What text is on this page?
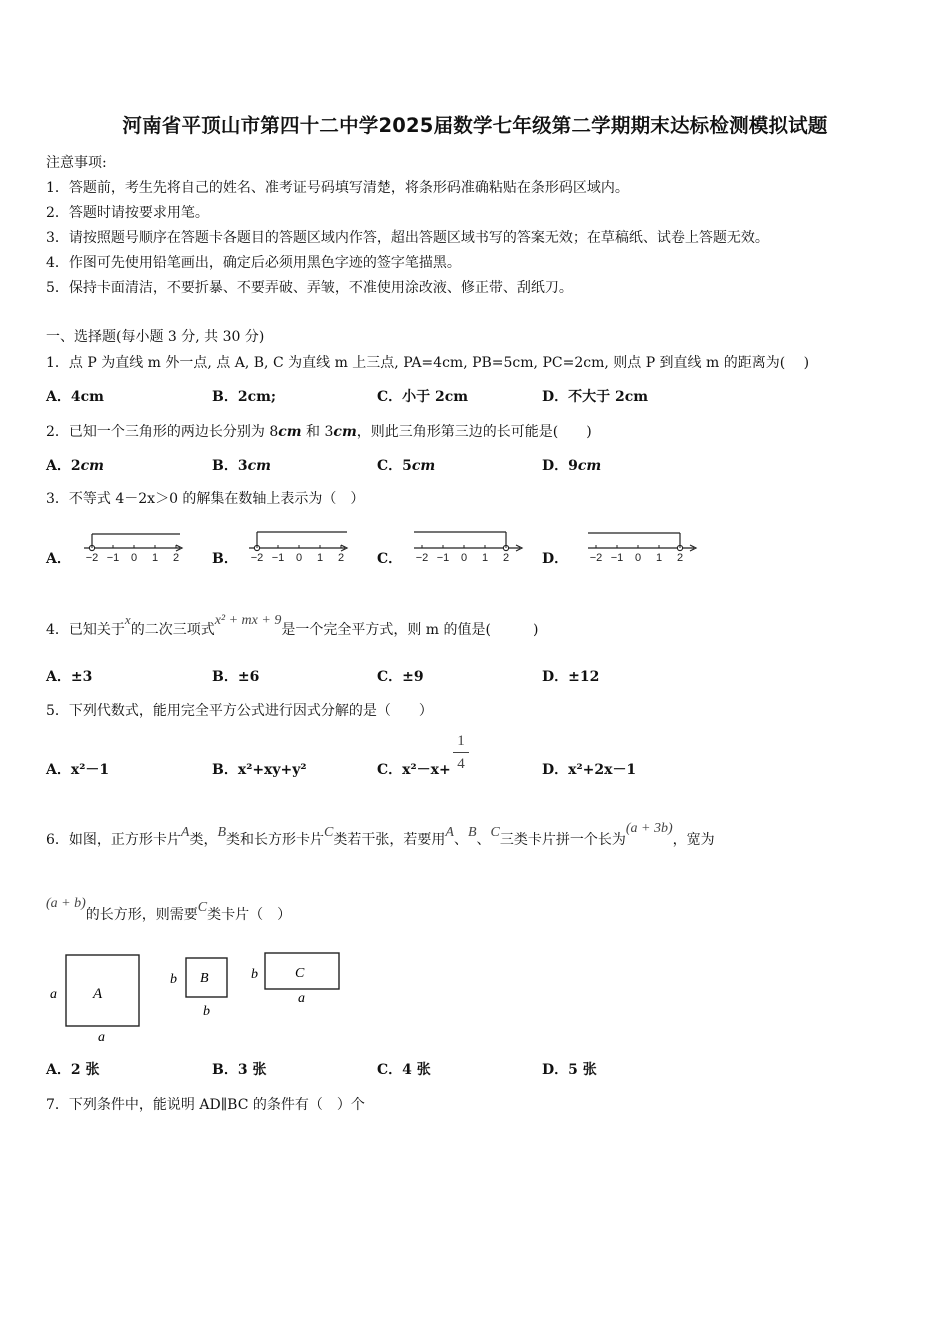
河南省平顶山市第四十二中学2025届数学七年级第二学期期末达标检测模拟试题
注意事项:
1．答题前，考生先将自己的姓名、准考证号码填写清楚，将条形码准确粘贴在条形码区域内。
2．答题时请按要求用笔。
3．请按照题号顺序在答题卡各题目的答题区域内作答，超出答题区域书写的答案无效；在草稿纸、试卷上答题无效。
4．作图可先使用铅笔画出，确定后必须用黑色字迹的签字笔描黑。
5．保持卡面清洁，不要折暴、不要弄破、弄皱，不准使用涂改液、修正带、刮纸刀。
一、选择题(每小题 3 分, 共 30 分)
1．点 P 为直线 m 外一点, 点 A, B, C 为直线 m 上三点, PA=4cm, PB=5cm, PC=2cm, 则点 P 到直线 m 的距离为(　 )
A．4cm	B．2cm;	C．小于 2cm	D．不大于 2cm
2．已知一个三角形的两边长分别为 8cm 和 3cm，则此三角形第三边的长可能是(　　)
A．2cm	B．3cm	C．5cm	D．9cm
3．不等式 4－2x＞0 的解集在数轴上表示为（　）
A．	B．	C．	D．
−2 −1 0 1 2	−2 −1 0 1 2	−2 −1 0 1 2	−2 −1 0 1 2
4．已知关于x的二次三项式x² + mx + 9是一个完全平方式，则 m 的值是(　　　)
A．±3	B．±6	C．±9	D．±12
5．下列代数式，能用完全平方公式进行因式分解的是（　　）
A．x²－1	B．x²+xy+y²	C．x²－x+
1
4	D．x²+2x－1
6．如图，正方形卡片A类，B类和长方形卡片C类若干张，若要用A、B、C三类卡片拼一个长为(a + 3b)，宽为
(a + b)的长方形，则需要C类卡片（　）
A
a
a
B
b
b
C
b
a
A．2 张	B．3 张	C．4 张	D．5 张
7．下列条件中，能说明 AD∥BC 的条件有（　）个
